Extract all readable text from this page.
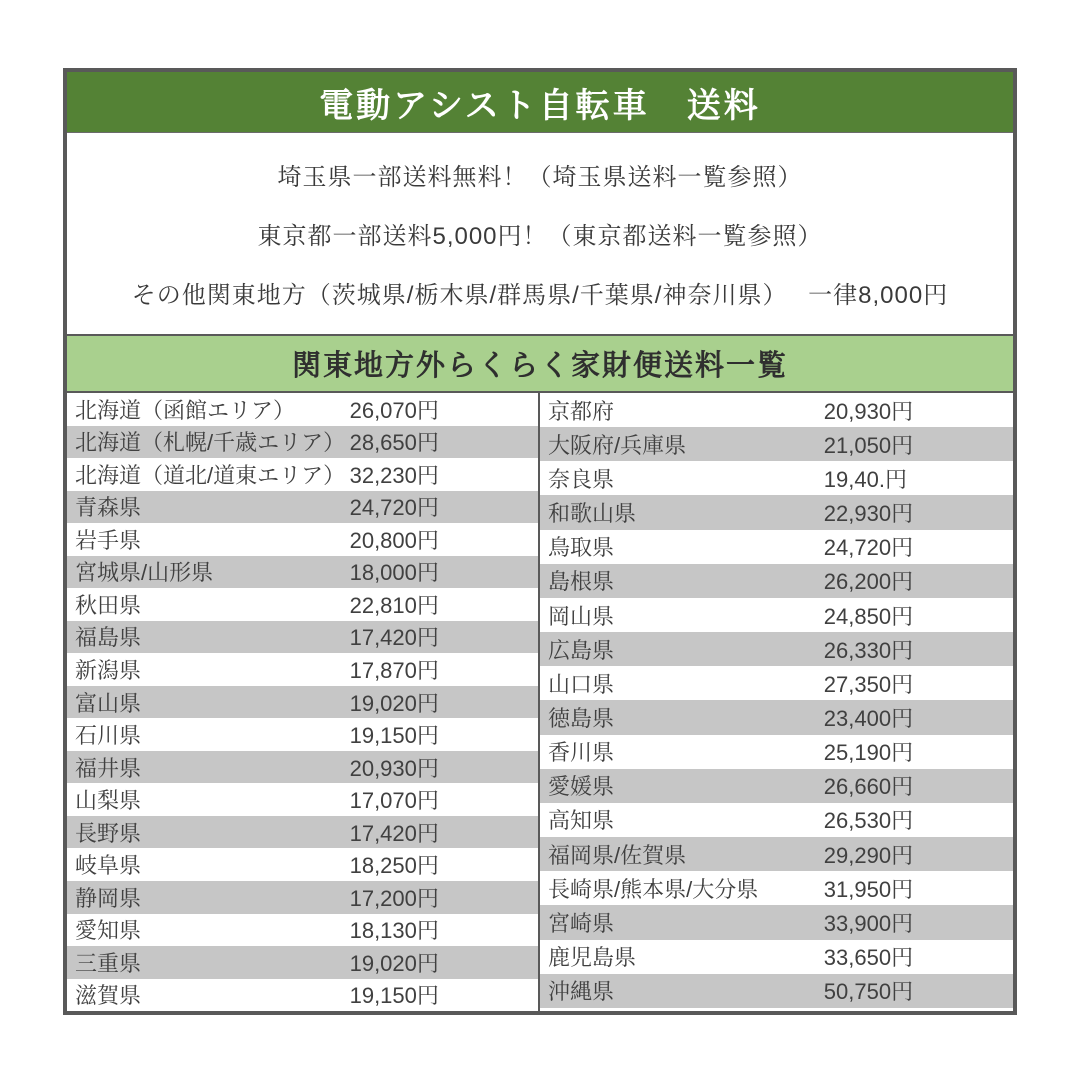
電動アシスト自転車　送料
埼玉県一部送料無料！（埼玉県送料一覧参照）
東京都一部送料5,000円！（東京都送料一覧参照）
その他関東地方（茨城県/栃木県/群馬県/千葉県/神奈川県）　 一律8,000円
関東地方外らくらく家財便送料一覧
北海道（函館エリア）	26,070円
北海道（札幌/千歳エリア） 28,650円
北海道（道北/道東エリア） 32,230円
青森県	24,720円
岩手県	20,800円
宮城県/山形県	18,000円
秋田県	22,810円
福島県	17,420円
新潟県	17,870円
富山県	19,020円
石川県	19,150円
福井県	20,930円
山梨県	17,070円
長野県	17,420円
岐阜県	18,250円
静岡県	17,200円
愛知県	18,130円
三重県	19,020円
滋賀県	19,150円
京都府	20,930円
大阪府/兵庫県	21,050円
奈良県	19,40.円
和歌山県	22,930円
鳥取県	24,720円
島根県	26,200円
岡山県	24,850円
広島県	26,330円
山口県	27,350円
徳島県	23,400円
香川県	25,190円
愛媛県	26,660円
高知県	26,530円
福岡県/佐賀県	29,290円
長崎県/熊本県/大分県	31,950円
宮崎県	33,900円
鹿児島県	33,650円
沖縄県	50,750円
